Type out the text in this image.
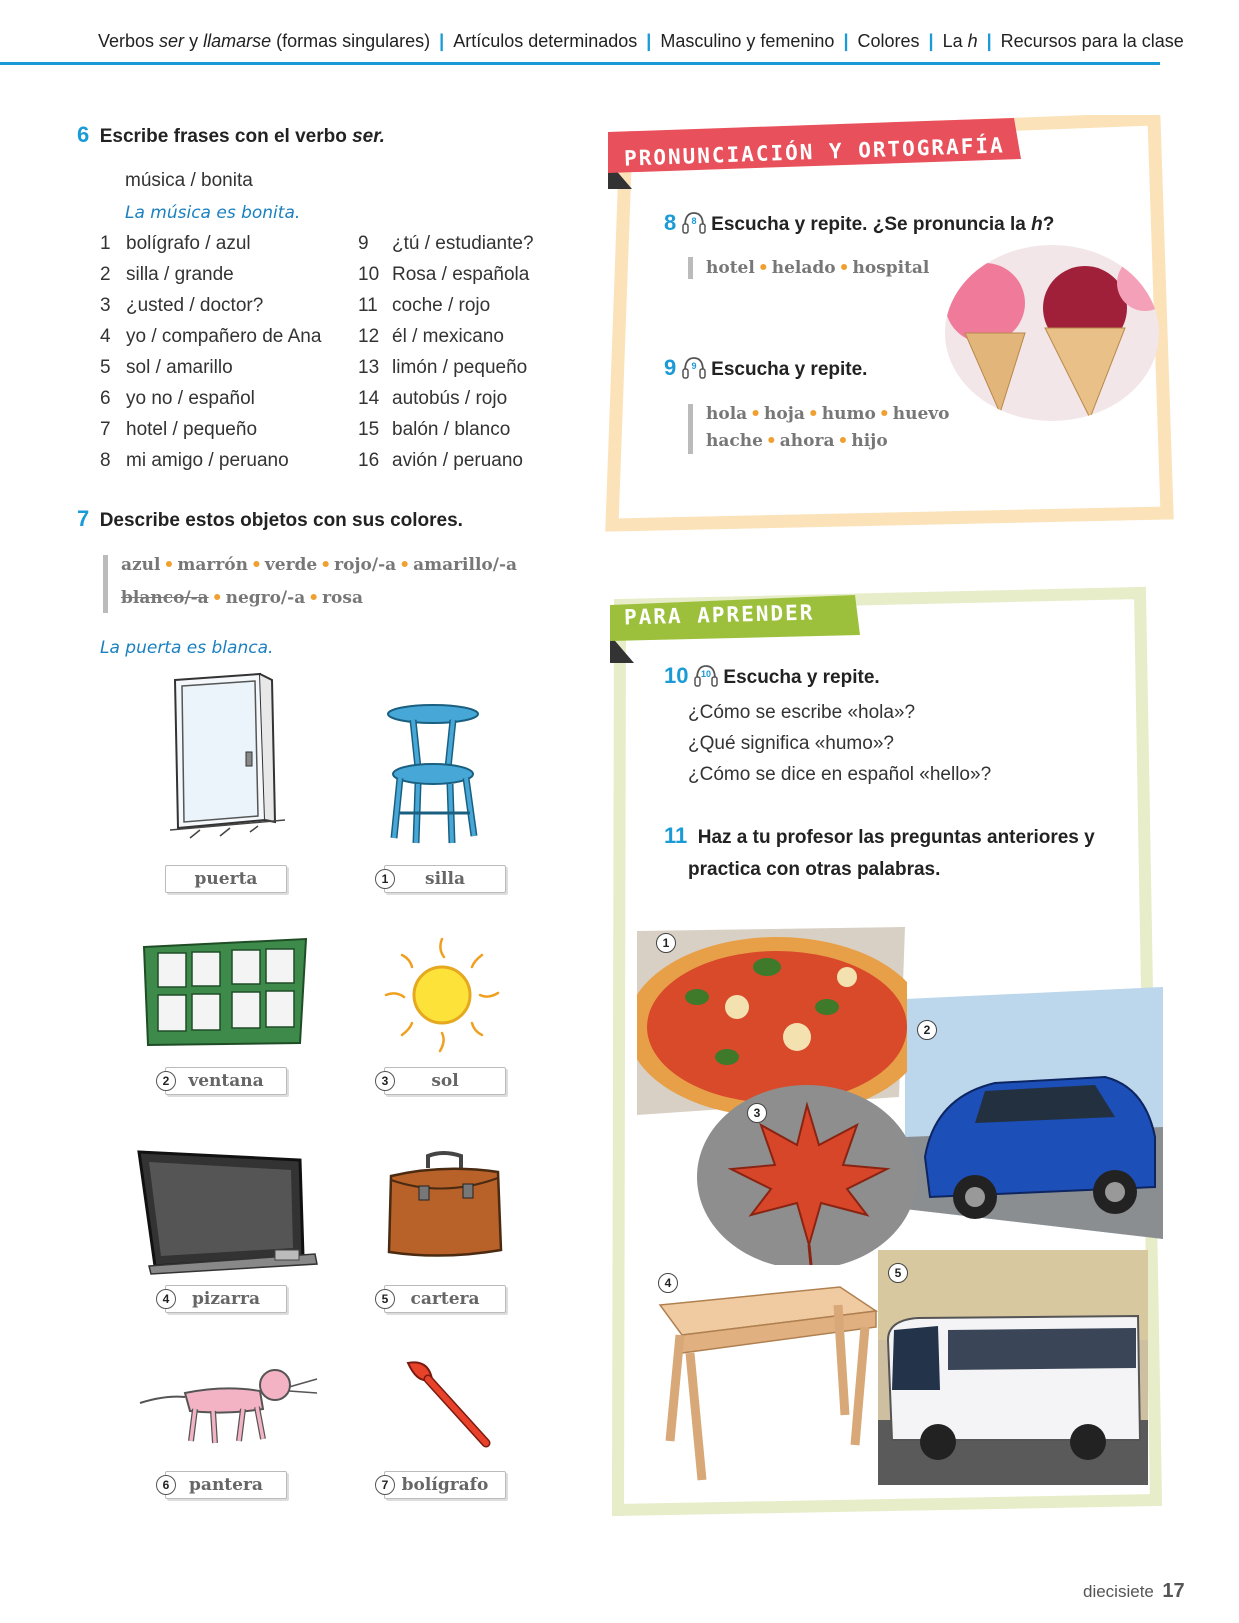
Verbos ser y llamarse (formas singulares) | Artículos determinados | Masculino y femenino | Colores | La h | Recursos para la clase
6 Escribe frases con el verbo ser.
música / bonita
La música es bonita.
1 bolígrafo / azul
2 silla / grande
3 ¿usted / doctor?
4 yo / compañero de Ana
5 sol / amarillo
6 yo no / español
7 hotel / pequeño
8 mi amigo / peruano
9 ¿tú / estudiante?
10 Rosa / española
11 coche / rojo
12 él / mexicano
13 limón / pequeño
14 autobús / rojo
15 balón / blanco
16 avión / peruano
7 Describe estos objetos con sus colores.
azul • marrón • verde • rojo/-a • amarillo/-a
blanco/-a • negro/-a • rosa
La puerta es blanca.
puerta	1	silla
2	ventana	3	sol
4	pizarra	5	cartera
6	pantera	7 bolígrafo
PRONUNCIACIÓN Y ORTOGRAFÍA
8 8 Escucha y repite. ¿Se pronuncia la h?
hotel • helado • hospital
9 9 Escucha y repite.
hola • hoja • humo • huevo
hache • ahora • hijo
PARA APRENDER
10 10 Escucha y repite.
¿Cómo se escribe «hola»?
¿Qué significa «humo»?
¿Cómo se dice en español «hello»?
11 Haz a tu profesor las preguntas anteriores y
practica con otras palabras.
1
2
3
4
5
diecisiete 17
